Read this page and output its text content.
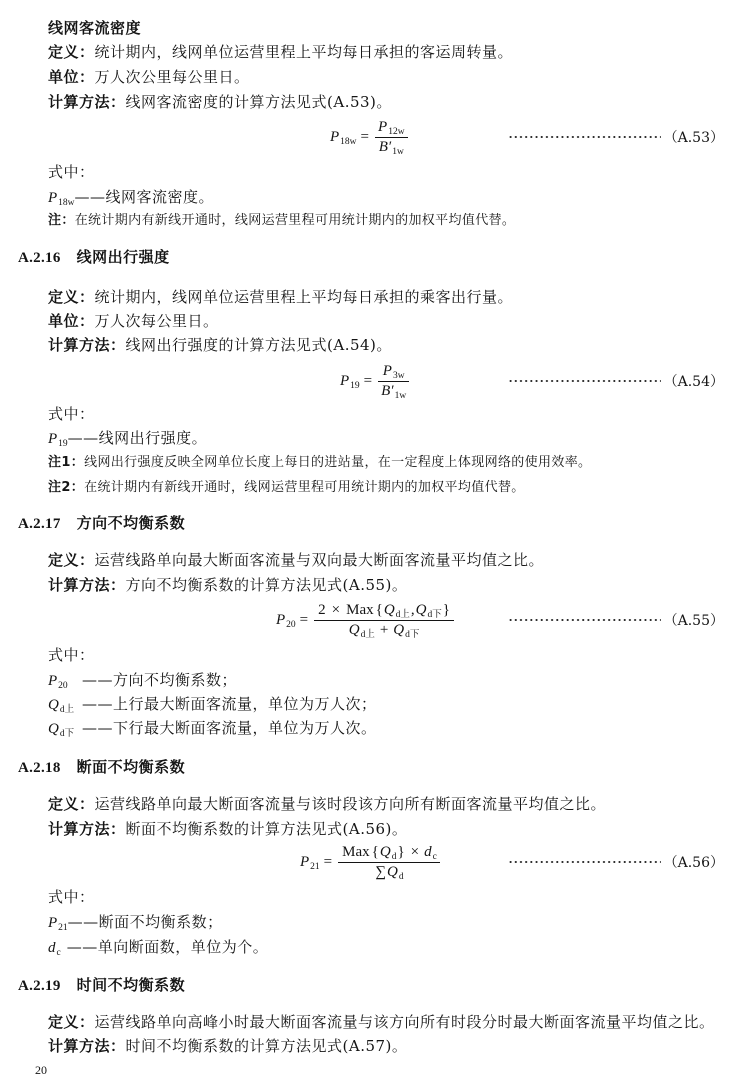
线网客流密度
定义： 统计期内，线网单位运营里程上平均每日承担的客运周转量。
单位： 万人次公里每公里日。
计算方法： 线网客流密度的计算方法见式(A.53)。
$P_{18w} = \frac{P_{12w}}{B'_{1w}}$	（A.53）
式中：
$P_{18w}$ ——线网客流密度。
注： 在统计期内有新线开通时，线网运营里程可用统计期内的加权平均值代替。
A.2.16 线网出行强度
定义： 统计期内，线网单位运营里程上平均每日承担的乘客出行量。
单位： 万人次每公里日。
计算方法： 线网出行强度的计算方法见式(A.54)。
$P_{19} = \frac{P_{3w}}{B'_{1w}}$	（A.54）
式中：
$P_{19}$ ——线网出行强度。
注1： 线网出行强度反映全网单位长度上每日的进站量，在一定程度上体现网络的使用效率。
注2： 在统计期内有新线开通时，线网运营里程可用统计期内的加权平均值代替。
A.2.17 方向不均衡系数
定义： 运营线路单向最大断面客流量与双向最大断面客流量平均值之比。
计算方法： 方向不均衡系数的计算方法见式(A.55)。
$P_{20}$ =
2 × Max { $Q_{d上}$ , $Q_{d下}$ }
$Q_{d上} + Q_{d下}$
（A.55）
式中：
$P_{20}$ ——方向不均衡系数；
$Q_{d上}$ ——上行最大断面客流量，单位为万人次；
$Q_{d下}$ ——下行最大断面客流量，单位为万人次。
A.2.18 断面不均衡系数
定义： 运营线路单向最大断面客流量与该时段该方向所有断面客流量平均值之比。
计算方法： 断面不均衡系数的计算方法见式(A.56)。
$P_{21} = \frac{Max \{ Q_d \} \times d_c}{\sum Q_d}$	（A.56）
式中：
$P_{21}$ ——断面不均衡系数；
$d_c$ ——单向断面数，单位为个。
A.2.19 时间不均衡系数
定义： 运营线路单向高峰小时最大断面客流量与该方向所有时段分时最大断面客流量平均值之比。
计算方法： 时间不均衡系数的计算方法见式(A.57)。
20
